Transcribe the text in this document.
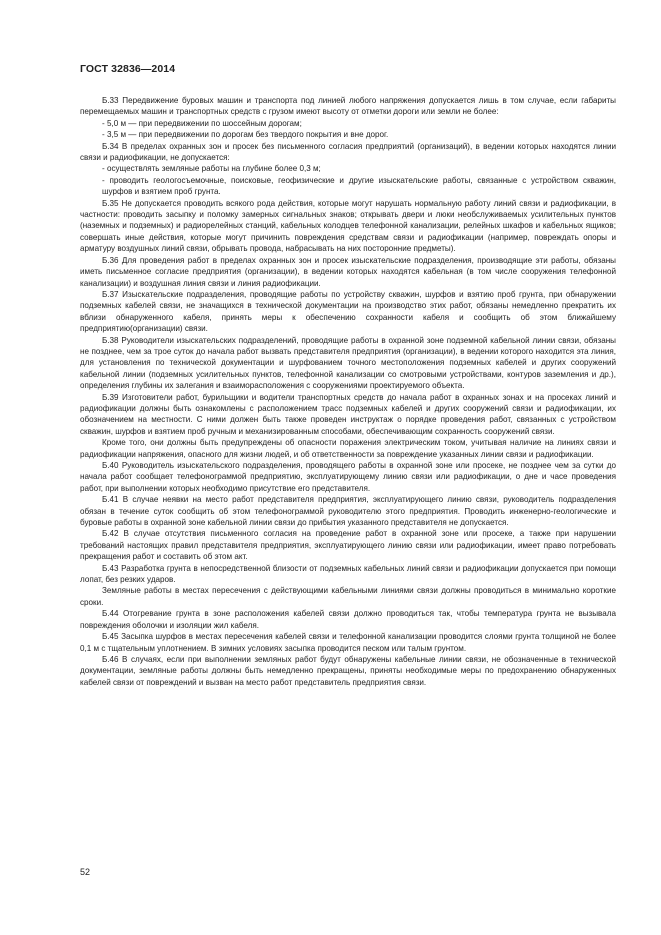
ГОСТ 32836—2014

Б.33 Передвижение буровых машин и транспорта под линией любого напряжения допускается лишь в том случае, если габариты перемещаемых машин и транспортных средств с грузом имеют высоту от отметки дороги или земли не более:

- 5,0 м — при передвижении по шоссейным дорогам;

- 3,5 м — при передвижении по дорогам без твердого покрытия и вне дорог.

Б.34 В пределах охранных зон и просек без письменного согласия предприятий (организаций), в ведении которых находятся линии связи и радиофикации, не допускается:

- осуществлять земляные работы на глубине более 0,3 м;

- проводить геологосъемочные, поисковые, геофизические и другие изыскательские работы, связанные с устройством скважин, шурфов и взятием проб грунта.

Б.35 Не допускается проводить всякого рода действия, которые могут нарушать нормальную работу линий связи и радиофикации, в частности: проводить засыпку и поломку замерных сигнальных знаков; открывать двери и люки необслуживаемых усилительных пунктов (наземных и подземных) и радиорелейных станций, кабельных колодцев телефонной канализации, релейных шкафов и кабельных ящиков; совершать иные действия, которые могут причинить повреждения средствам связи и радиофикации (например, повреждать опоры и арматуру воздушных линий связи, обрывать провода, набрасывать на них посторонние предметы).

Б.36 Для проведения работ в пределах охранных зон и просек изыскательские подразделения, производящие эти работы, обязаны иметь письменное согласие предприятия (организации), в ведении которых находятся кабельная (в том числе сооружения телефонной канализации) и воздушная линия связи и линия радиофикации.

Б.37 Изыскательские подразделения, проводящие работы по устройству скважин, шурфов и взятию проб грунта, при обнаружении подземных кабелей связи, не значащихся в технической документации на производство этих работ, обязаны немедленно прекратить их вблизи обнаруженного кабеля, принять меры к обеспечению сохранности кабеля и сообщить об этом ближайшему предприятию(организации) связи.

Б.38 Руководители изыскательских подразделений, проводящие работы в охранной зоне подземной кабельной линии связи, обязаны не позднее, чем за трое суток до начала работ вызвать представителя предприятия (организации), в ведении которого находится эта линия, для установления по технической документации и шурфованием точного местоположения подземных кабелей и других сооружений кабельной линии (подземных усилительных пунктов, телефонной канализации со смотровыми устройствами, контуров заземления и др.), определения глубины их залегания и взаиморасположения с сооружениями проектируемого объекта.

Б.39 Изготовители работ, бурильщики и водители транспортных средств до начала работ в охранных зонах и на просеках линий и радиофикации должны быть ознакомлены с расположением трасс подземных кабелей и других сооружений связи и радиофикации, их обозначением на местности. С ними должен быть также проведен инструктаж о порядке проведения работ, связанных с устройством скважин, шурфов и взятием проб ручным и механизированным способами, обеспечивающим сохранность сооружений связи.

Кроме того, они должны быть предупреждены об опасности поражения электрическим током, учитывая наличие на линиях связи и радиофикации напряжения, опасного для жизни людей, и об ответственности за повреждение указанных линии связи и радиофикации.

Б.40 Руководитель изыскательского подразделения, проводящего работы в охранной зоне или просеке, не позднее чем за сутки до начала работ сообщает телефонограммой предприятию, эксплуатирующему линию связи или радиофикации, о дне и часе проведения работ, при выполнении которых необходимо присутствие его представителя.

Б.41 В случае неявки на место работ представителя предприятия, эксплуатирующего линию связи, руководитель подразделения обязан в течение суток сообщить об этом телефонограммой руководителю этого предприятия. Проводить инженерно-геологические и буровые работы в охранной зоне кабельной линии связи до прибытия указанного представителя не допускается.

Б.42 В случае отсутствия письменного согласия на проведение работ в охранной зоне или просеке, а также при нарушении требований настоящих правил представителя предприятия, эксплуатирующего линию связи или радиофикации, имеет право потребовать прекращения работ и составить об этом акт.

Б.43 Разработка грунта в непосредственной близости от подземных кабельных линий связи и радиофикации допускается при помощи лопат, без резких ударов.

Земляные работы в местах пересечения с действующими кабельными линиями связи должны проводиться в минимально короткие сроки.

Б.44 Отогревание грунта в зоне расположения кабелей связи должно проводиться так, чтобы температура грунта не вызывала повреждения оболочки и изоляции жил кабеля.

Б.45 Засыпка шурфов в местах пересечения кабелей связи и телефонной канализации проводится слоями грунта толщиной не более 0,1 м с тщательным уплотнением. В зимних условиях засыпка проводится песком или талым грунтом.

Б.46 В случаях, если при выполнении земляных работ будут обнаружены кабельные линии связи, не обозначенные в технической документации, земляные работы должны быть немедленно прекращены, приняты необходимые меры по предохранению обнаруженных кабелей связи от повреждений и вызван на место работ представитель предприятия связи.

52
